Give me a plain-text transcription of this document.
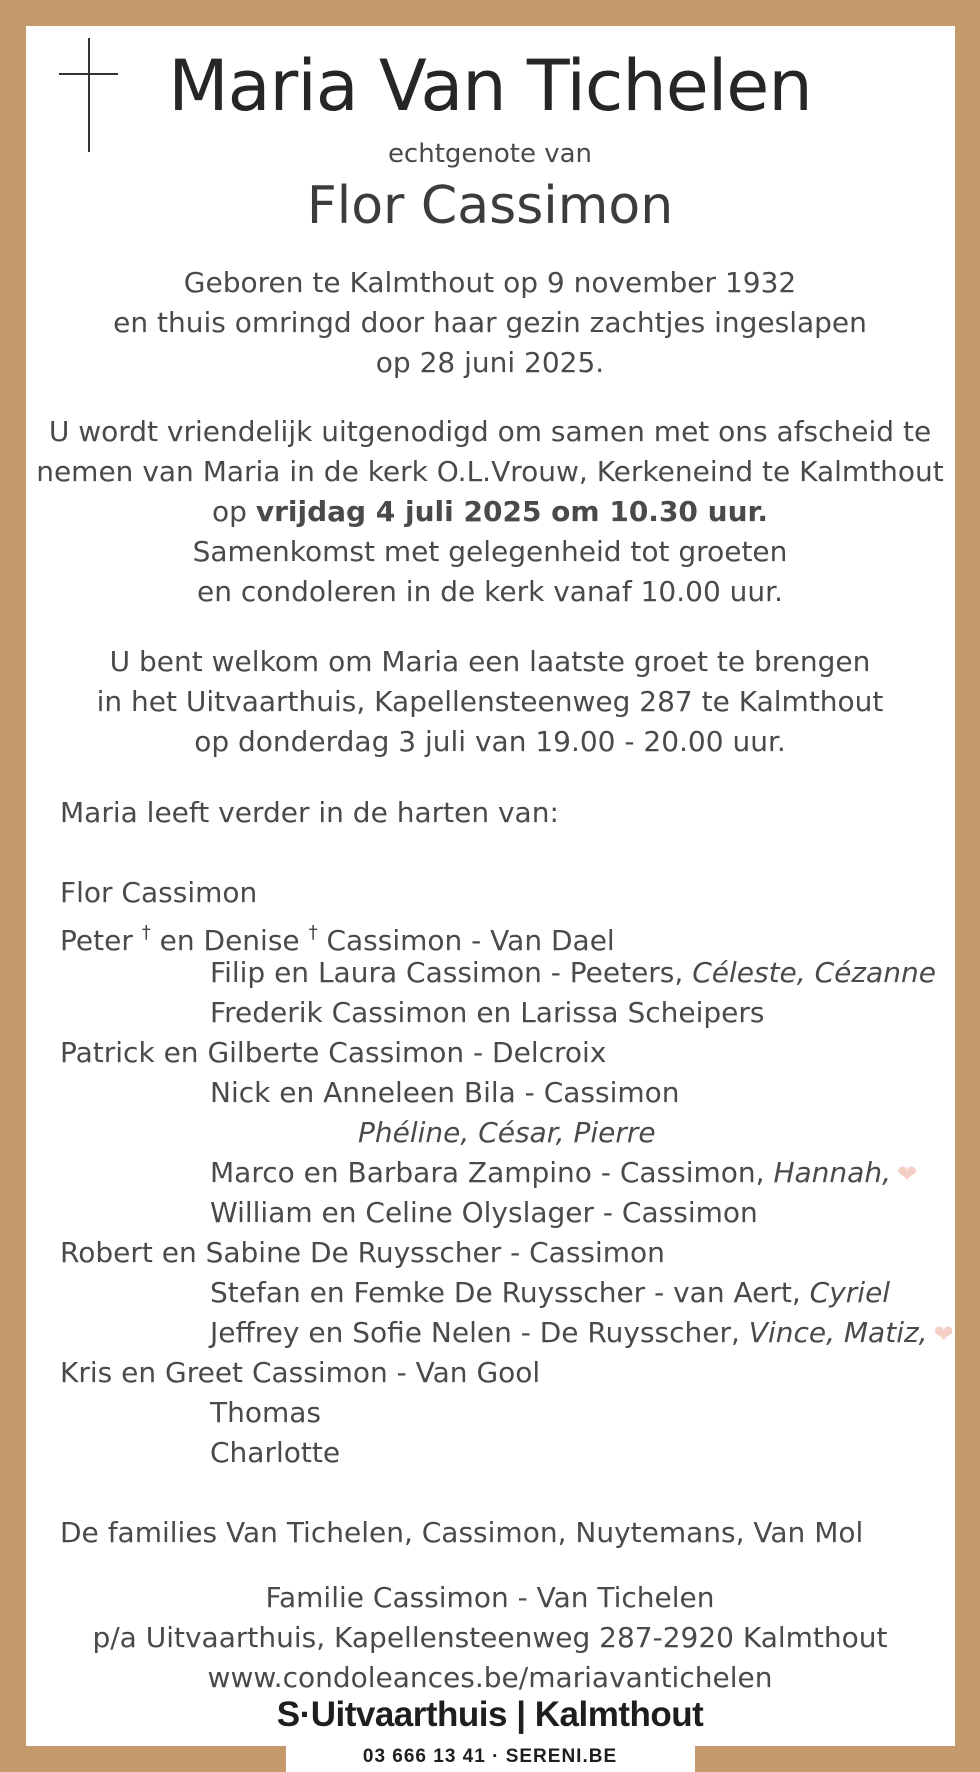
Maria Van Tichelen
echtgenote van
Flor Cassimon
Geboren te Kalmthout op 9 november 1932
en thuis omringd door haar gezin zachtjes ingeslapen
op 28 juni 2025.
U wordt vriendelijk uitgenodigd om samen met ons afscheid te
nemen van Maria in de kerk O.L.Vrouw, Kerkeneind te Kalmthout
op vrijdag 4 juli 2025 om 10.30 uur.
Samenkomst met gelegenheid tot groeten
en condoleren in de kerk vanaf 10.00 uur.
U bent welkom om Maria een laatste groet te brengen
in het Uitvaarthuis, Kapellensteenweg 287 te Kalmthout
op donderdag 3 juli van 19.00 - 20.00 uur.
Maria leeft verder in de harten van:
Flor Cassimon
Peter † en Denise † Cassimon - Van Dael
Filip en Laura Cassimon - Peeters, Céleste, Cézanne
Frederik Cassimon en Larissa Scheipers
Patrick en Gilberte Cassimon - Delcroix
Nick en Anneleen Bila - Cassimon
Phéline, César, Pierre
Marco en Barbara Zampino - Cassimon, Hannah, ❤
William en Celine Olyslager - Cassimon
Robert en Sabine De Ruysscher - Cassimon
Stefan en Femke De Ruysscher - van Aert, Cyriel
Jeffrey en Sofie Nelen - De Ruysscher, Vince, Matiz, ❤
Kris en Greet Cassimon - Van Gool
Thomas
Charlotte
De families Van Tichelen, Cassimon, Nuytemans, Van Mol
Familie Cassimon - Van Tichelen
p/a Uitvaarthuis, Kapellensteenweg 287-2920 Kalmthout
www.condoleances.be/mariavantichelen
S·Uitvaarthuis | Kalmthout
03 666 13 41 · SERENI.BE
